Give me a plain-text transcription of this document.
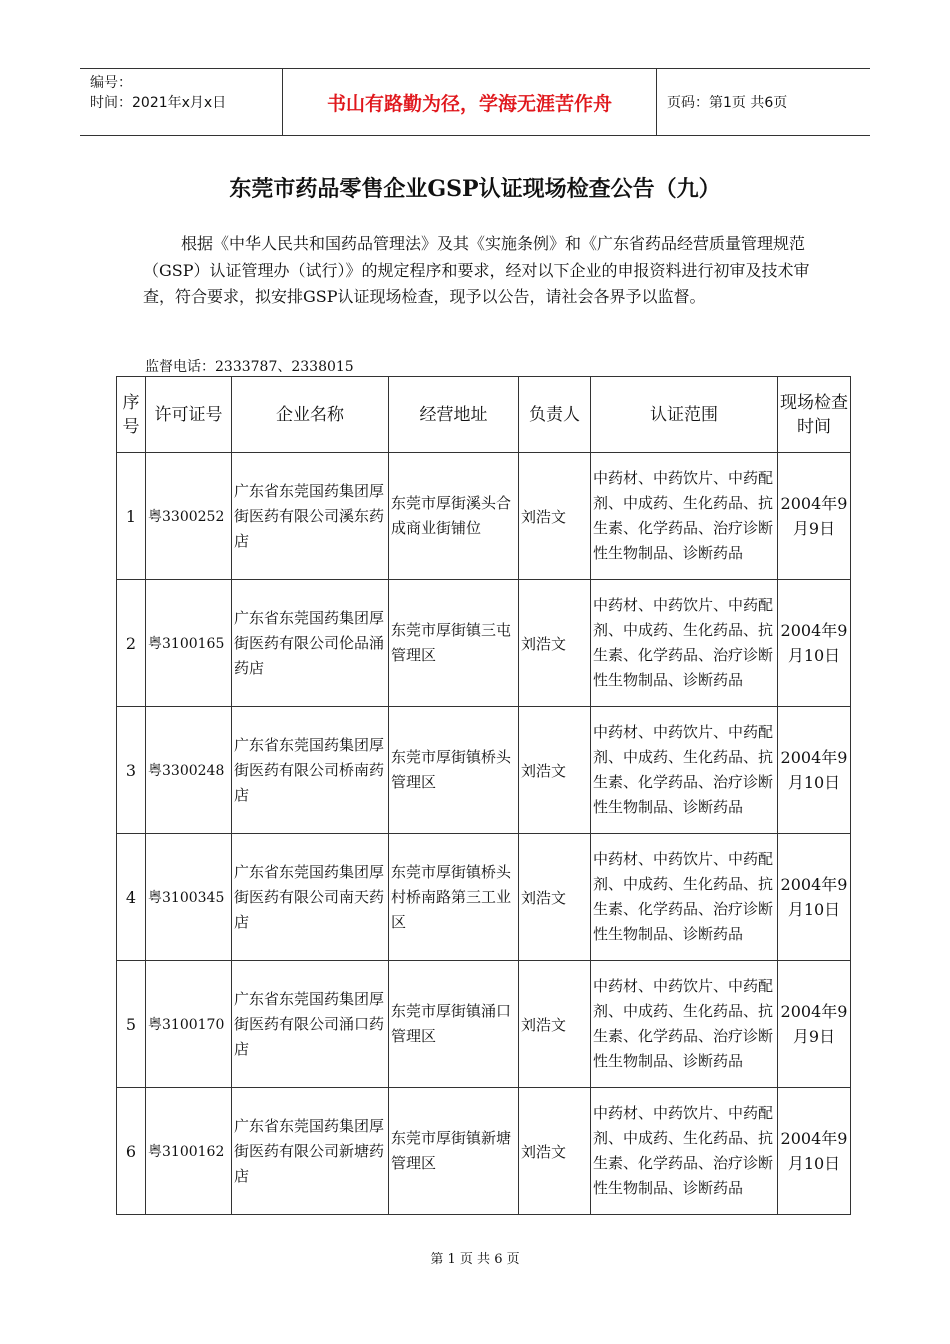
编号：
时间：2021年x月x日	书山有路勤为径，学海无涯苦作舟	页码：第1页 共6页
东莞市药品零售企业GSP认证现场检查公告（九）
根据《中华人民共和国药品管理法》及其《实施条例》和《广东省药品经营质量管理规范（GSP）认证管理办（试行）》的规定程序和要求，经对以下企业的申报资料进行初审及技术审查，符合要求，拟安排GSP认证现场检查，现予以公告，请社会各界予以监督。
监督电话：2333787、2338015
序号	许可证号	企业名称	经营地址	负责人	认证范围	现场检查时间
1	粤3300252	广东省东莞国药集团厚街医药有限公司溪东药店	东莞市厚街溪头合成商业街铺位	刘浩文	中药材、中药饮片、中药配剂、中成药、生化药品、抗生素、化学药品、治疗诊断性生物制品、诊断药品	2004年9月9日
2	粤3100165	广东省东莞国药集团厚街医药有限公司伦品涌药店	东莞市厚街镇三屯管理区	刘浩文	中药材、中药饮片、中药配剂、中成药、生化药品、抗生素、化学药品、治疗诊断性生物制品、诊断药品	2004年9月10日
3	粤3300248	广东省东莞国药集团厚街医药有限公司桥南药店	东莞市厚街镇桥头管理区	刘浩文	中药材、中药饮片、中药配剂、中成药、生化药品、抗生素、化学药品、治疗诊断性生物制品、诊断药品	2004年9月10日
4	粤3100345	广东省东莞国药集团厚街医药有限公司南天药店	东莞市厚街镇桥头村桥南路第三工业区	刘浩文	中药材、中药饮片、中药配剂、中成药、生化药品、抗生素、化学药品、治疗诊断性生物制品、诊断药品	2004年9月10日
5	粤3100170	广东省东莞国药集团厚街医药有限公司涌口药店	东莞市厚街镇涌口管理区	刘浩文	中药材、中药饮片、中药配剂、中成药、生化药品、抗生素、化学药品、治疗诊断性生物制品、诊断药品	2004年9月9日
6	粤3100162	广东省东莞国药集团厚街医药有限公司新塘药店	东莞市厚街镇新塘管理区	刘浩文	中药材、中药饮片、中药配剂、中成药、生化药品、抗生素、化学药品、治疗诊断性生物制品、诊断药品	2004年9月10日
第 1 页 共 6 页
